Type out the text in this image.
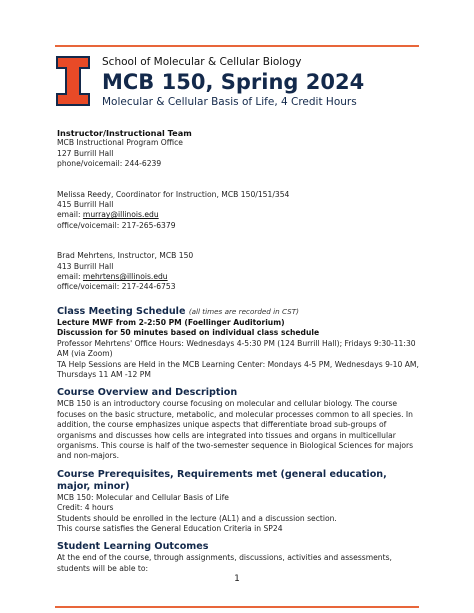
School of Molecular & Cellular Biology
MCB 150, Spring 2024
Molecular & Cellular Basis of Life, 4 Credit Hours

Instructor/Instructional Team

MCB Instructional Program Office

127 Burrill Hall

phone/voicemail: 244-6239

Melissa Reedy, Coordinator for Instruction, MCB 150/151/354

415 Burrill Hall

email: murray@illinois.edu

office/voicemail: 217-265-6379

Brad Mehrtens, Instructor, MCB 150

413 Burrill Hall

email: mehrtens@illinois.edu

office/voicemail: 217-244-6753

Class Meeting Schedule (all times are recorded in CST)

Lecture MWF from 2-2:50 PM (Foellinger Auditorium)

Discussion for 50 minutes based on individual class schedule

Professor Mehrtens' Office Hours: Wednesdays 4-5:30 PM (124 Burrill Hall); Fridays 9:30-11:30 AM (via Zoom)

TA Help Sessions are Held in the MCB Learning Center: Mondays 4-5 PM, Wednesdays 9-10 AM, Thursdays 11 AM -12 PM

Course Overview and Description

MCB 150 is an introductory course focusing on molecular and cellular biology. The course focuses on the basic structure, metabolic, and molecular processes common to all species. In addition, the course emphasizes unique aspects that differentiate broad sub-groups of organisms and discusses how cells are integrated into tissues and organs in multicellular organisms. This course is half of the two-semester sequence in Biological Sciences for majors and non-majors.

Course Prerequisites, Requirements met (general education, major, minor)

MCB 150: Molecular and Cellular Basis of Life

Credit: 4 hours

Students should be enrolled in the lecture (AL1) and a discussion section.

This course satisfies the General Education Criteria in SP24

Student Learning Outcomes

At the end of the course, through assignments, discussions, activities and assessments, students will be able to:

1
